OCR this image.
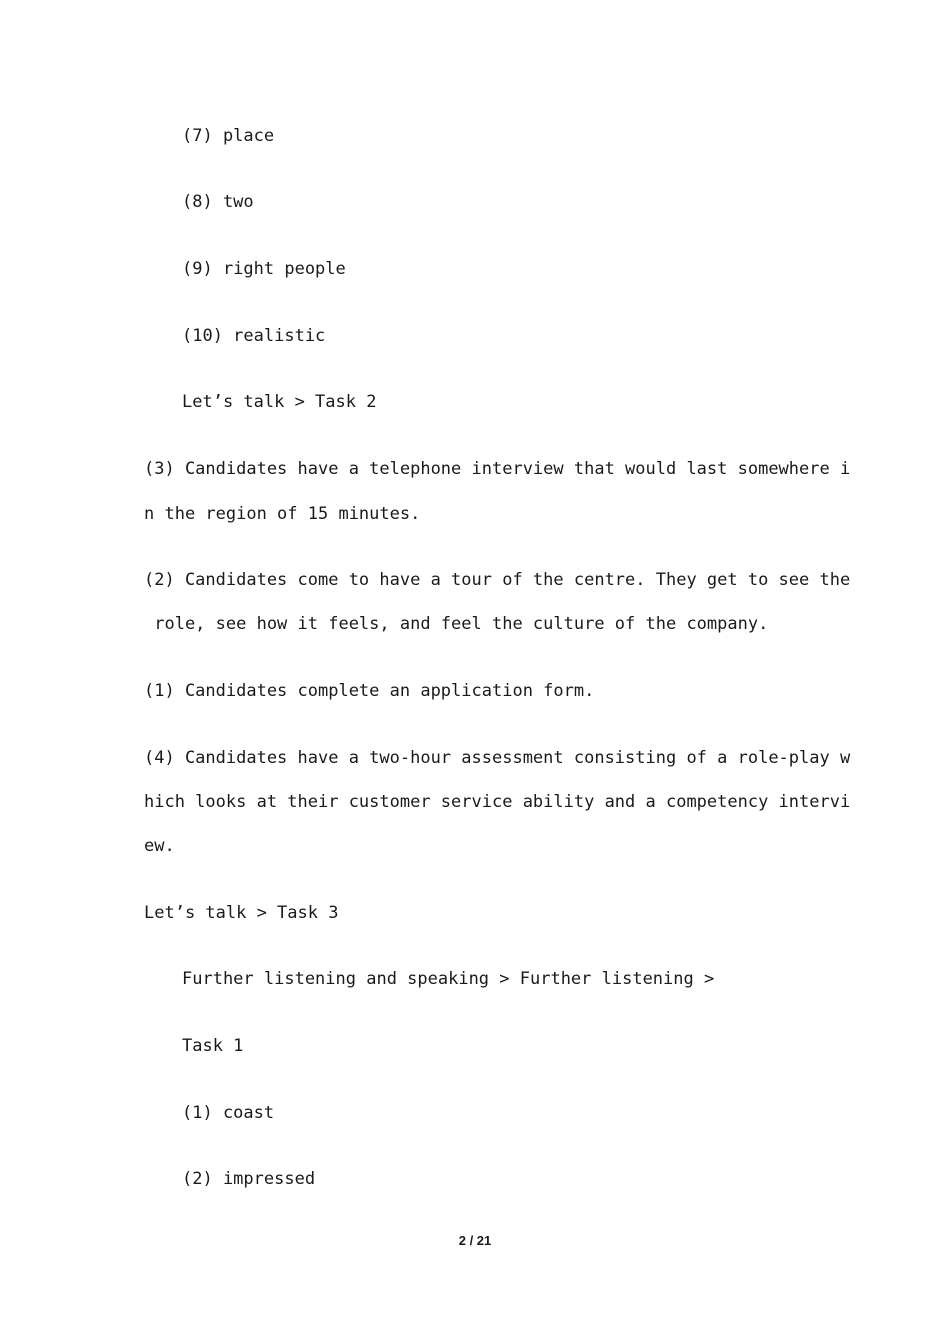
(7) place
(8) two
(9) right people
(10) realistic
Let’s talk > Task 2
(3) Candidates have a telephone interview that would last somewhere i
n the region of 15 minutes.
(2) Candidates come to have a tour of the centre. They get to see the
role, see how it feels, and feel the culture of the company.
(1) Candidates complete an application form.
(4) Candidates have a two-hour assessment consisting of a role-play w
hich looks at their customer service ability and a competency intervi
ew.
Let’s talk > Task 3
Further listening and speaking > Further listening >
Task 1
(1) coast
(2) impressed
2 / 21
